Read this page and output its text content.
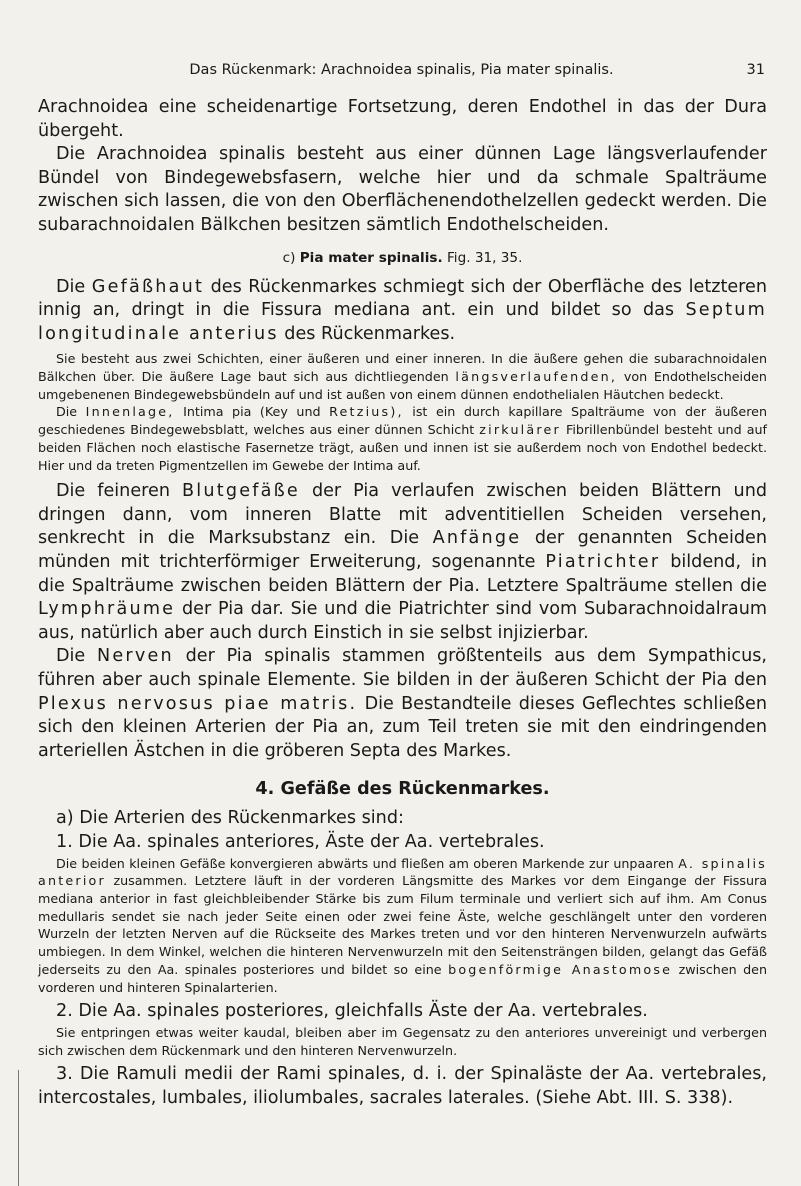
Das Rückenmark: Arachnoidea spinalis, Pia mater spinalis.	31

Arachnoidea eine scheidenartige Fortsetzung, deren Endothel in das der Dura übergeht.

Die Arachnoidea spinalis besteht aus einer dünnen Lage längsverlaufender Bündel von Bindegewebsfasern, welche hier und da schmale Spalträume zwischen sich lassen, die von den Oberflächenendothelzellen gedeckt werden. Die subarachnoidalen Bälkchen besitzen sämtlich Endothelscheiden.

c) Pia mater spinalis. Fig. 31, 35.

Die Gefäßhaut des Rückenmarkes schmiegt sich der Oberfläche des letzteren innig an, dringt in die Fissura mediana ant. ein und bildet so das Septum longitudinale anterius des Rückenmarkes.

Sie besteht aus zwei Schichten, einer äußeren und einer inneren. In die äußere gehen die subarachnoidalen Bälkchen über. Die äußere Lage baut sich aus dichtliegenden längsverlaufenden, von Endothelscheiden umgebenenen Bindegewebsbündeln auf und ist außen von einem dünnen endothelialen Häutchen bedeckt.

Die Innenlage, Intima pia (Key und Retzius), ist ein durch kapillare Spalträume von der äußeren geschiedenes Bindegewebsblatt, welches aus einer dünnen Schicht zirkulärer Fibrillenbündel besteht und auf beiden Flächen noch elastische Fasernetze trägt, außen und innen ist sie außerdem noch von Endothel bedeckt. Hier und da treten Pigmentzellen im Gewebe der Intima auf.

Die feineren Blutgefäße der Pia verlaufen zwischen beiden Blättern und dringen dann, vom inneren Blatte mit adventitiellen Scheiden versehen, senkrecht in die Marksubstanz ein. Die Anfänge der genannten Scheiden münden mit trichterförmiger Erweiterung, sogenannte Piatrichter bildend, in die Spalträume zwischen beiden Blättern der Pia. Letztere Spalträume stellen die Lymphräume der Pia dar. Sie und die Piatrichter sind vom Subarachnoidalraum aus, natürlich aber auch durch Einstich in sie selbst injizierbar.

Die Nerven der Pia spinalis stammen größtenteils aus dem Sympathicus, führen aber auch spinale Elemente. Sie bilden in der äußeren Schicht der Pia den Plexus nervosus piae matris. Die Bestandteile dieses Geflechtes schließen sich den kleinen Arterien der Pia an, zum Teil treten sie mit den eindringenden arteriellen Ästchen in die gröberen Septa des Markes.

4. Gefäße des Rückenmarkes.

a) Die Arterien des Rückenmarkes sind:

1. Die Aa. spinales anteriores, Äste der Aa. vertebrales.

Die beiden kleinen Gefäße konvergieren abwärts und fließen am oberen Markende zur unpaaren A. spinalis anterior zusammen. Letztere läuft in der vorderen Längsmitte des Markes vor dem Eingange der Fissura mediana anterior in fast gleichbleibender Stärke bis zum Filum terminale und verliert sich auf ihm. Am Conus medullaris sendet sie nach jeder Seite einen oder zwei feine Äste, welche geschlängelt unter den vorderen Wurzeln der letzten Nerven auf die Rückseite des Markes treten und vor den hinteren Nervenwurzeln aufwärts umbiegen. In dem Winkel, welchen die hinteren Nervenwurzeln mit den Seitensträngen bilden, gelangt das Gefäß jederseits zu den Aa. spinales posteriores und bildet so eine bogenförmige Anastomose zwischen den vorderen und hinteren Spinalarterien.

2. Die Aa. spinales posteriores, gleichfalls Äste der Aa. vertebrales.

Sie entpringen etwas weiter kaudal, bleiben aber im Gegensatz zu den anteriores unvereinigt und verbergen sich zwischen dem Rückenmark und den hinteren Nervenwurzeln.

3. Die Ramuli medii der Rami spinales, d. i. der Spinaläste der Aa. vertebrales, intercostales, lumbales, iliolumbales, sacrales laterales. (Siehe Abt. III. S. 338).
